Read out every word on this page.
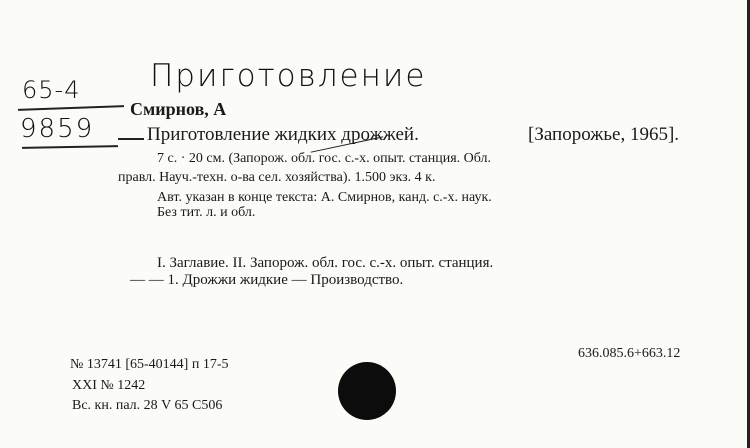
Приготовление
65-4
9859
Смирнов, А
Приготовление жидких дрожжей.	[Запорожье, 1965].
7 с. · 20 см. (Запорож. обл. гос. с.-х. опыт. станция. Обл.
правл. Науч.-техн. о-ва сел. хозяйства). 1.500 экз. 4 к.
Авт. указан в конце текста: А. Смирнов, канд. с.-х. наук.
Без тит. л. и обл.
I. Заглавие. II. Запорож. обл. гос. с.-х. опыт. станция.
— — 1. Дрожжи жидкие — Производство.
№ 13741 [65-40144] п 17-5
XXI № 1242
Вс. кн. пал. 28 V 65 С506
636.085.6+663.12
